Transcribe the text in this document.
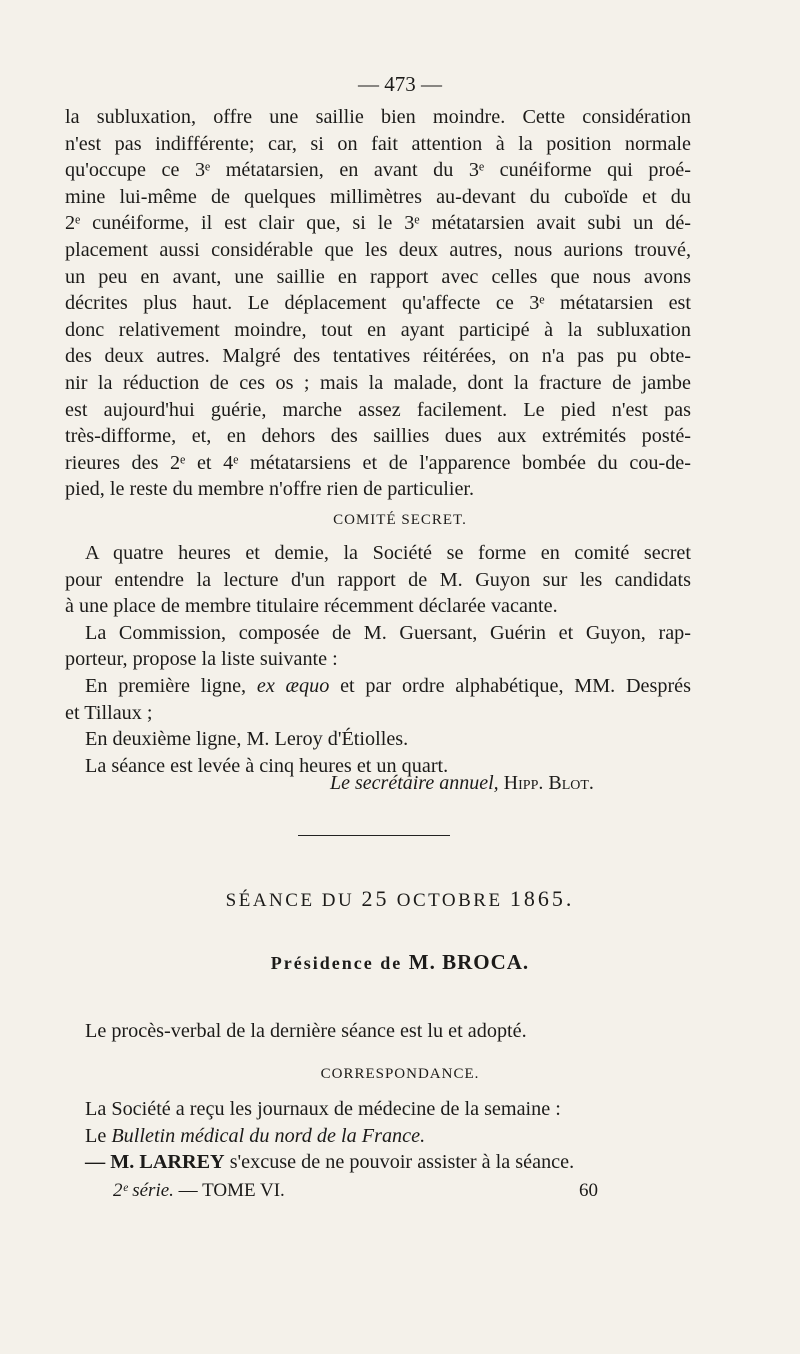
— 473 —
la subluxation, offre une saillie bien moindre. Cette considération
n'est pas indifférente; car, si on fait attention à la position normale
qu'occupe ce 3ᵉ métatarsien, en avant du 3ᵉ cunéiforme qui proé-
mine lui-même de quelques millimètres au-devant du cuboïde et du
2ᵉ cunéiforme, il est clair que, si le 3ᵉ métatarsien avait subi un dé-
placement aussi considérable que les deux autres, nous aurions trouvé,
un peu en avant, une saillie en rapport avec celles que nous avons
décrites plus haut. Le déplacement qu'affecte ce 3ᵉ métatarsien est
donc relativement moindre, tout en ayant participé à la subluxation
des deux autres. Malgré des tentatives réitérées, on n'a pas pu obte-
nir la réduction de ces os ; mais la malade, dont la fracture de jambe
est aujourd'hui guérie, marche assez facilement. Le pied n'est pas
très-difforme, et, en dehors des saillies dues aux extrémités posté-
rieures des 2ᵉ et 4ᵉ métatarsiens et de l'apparence bombée du cou-de-
pied, le reste du membre n'offre rien de particulier.
COMITÉ SECRET.
A quatre heures et demie, la Société se forme en comité secret
pour entendre la lecture d'un rapport de M. Guyon sur les candidats
à une place de membre titulaire récemment déclarée vacante.
La Commission, composée de M. Guersant, Guérin et Guyon, rap-
porteur, propose la liste suivante :
En première ligne, ex æquo et par ordre alphabétique, MM. Després
et Tillaux ;
En deuxième ligne, M. Leroy d'Étiolles.
La séance est levée à cinq heures et un quart.
Le secrétaire annuel, Hipp. Blot.
SÉANCE DU 25 OCTOBRE 1865.
Présidence de M. BROCA.
Le procès-verbal de la dernière séance est lu et adopté.
CORRESPONDANCE.
La Société a reçu les journaux de médecine de la semaine :
Le Bulletin médical du nord de la France.
— M. LARREY s'excuse de ne pouvoir assister à la séance.
2ᵉ série. — TOME VI.	60
